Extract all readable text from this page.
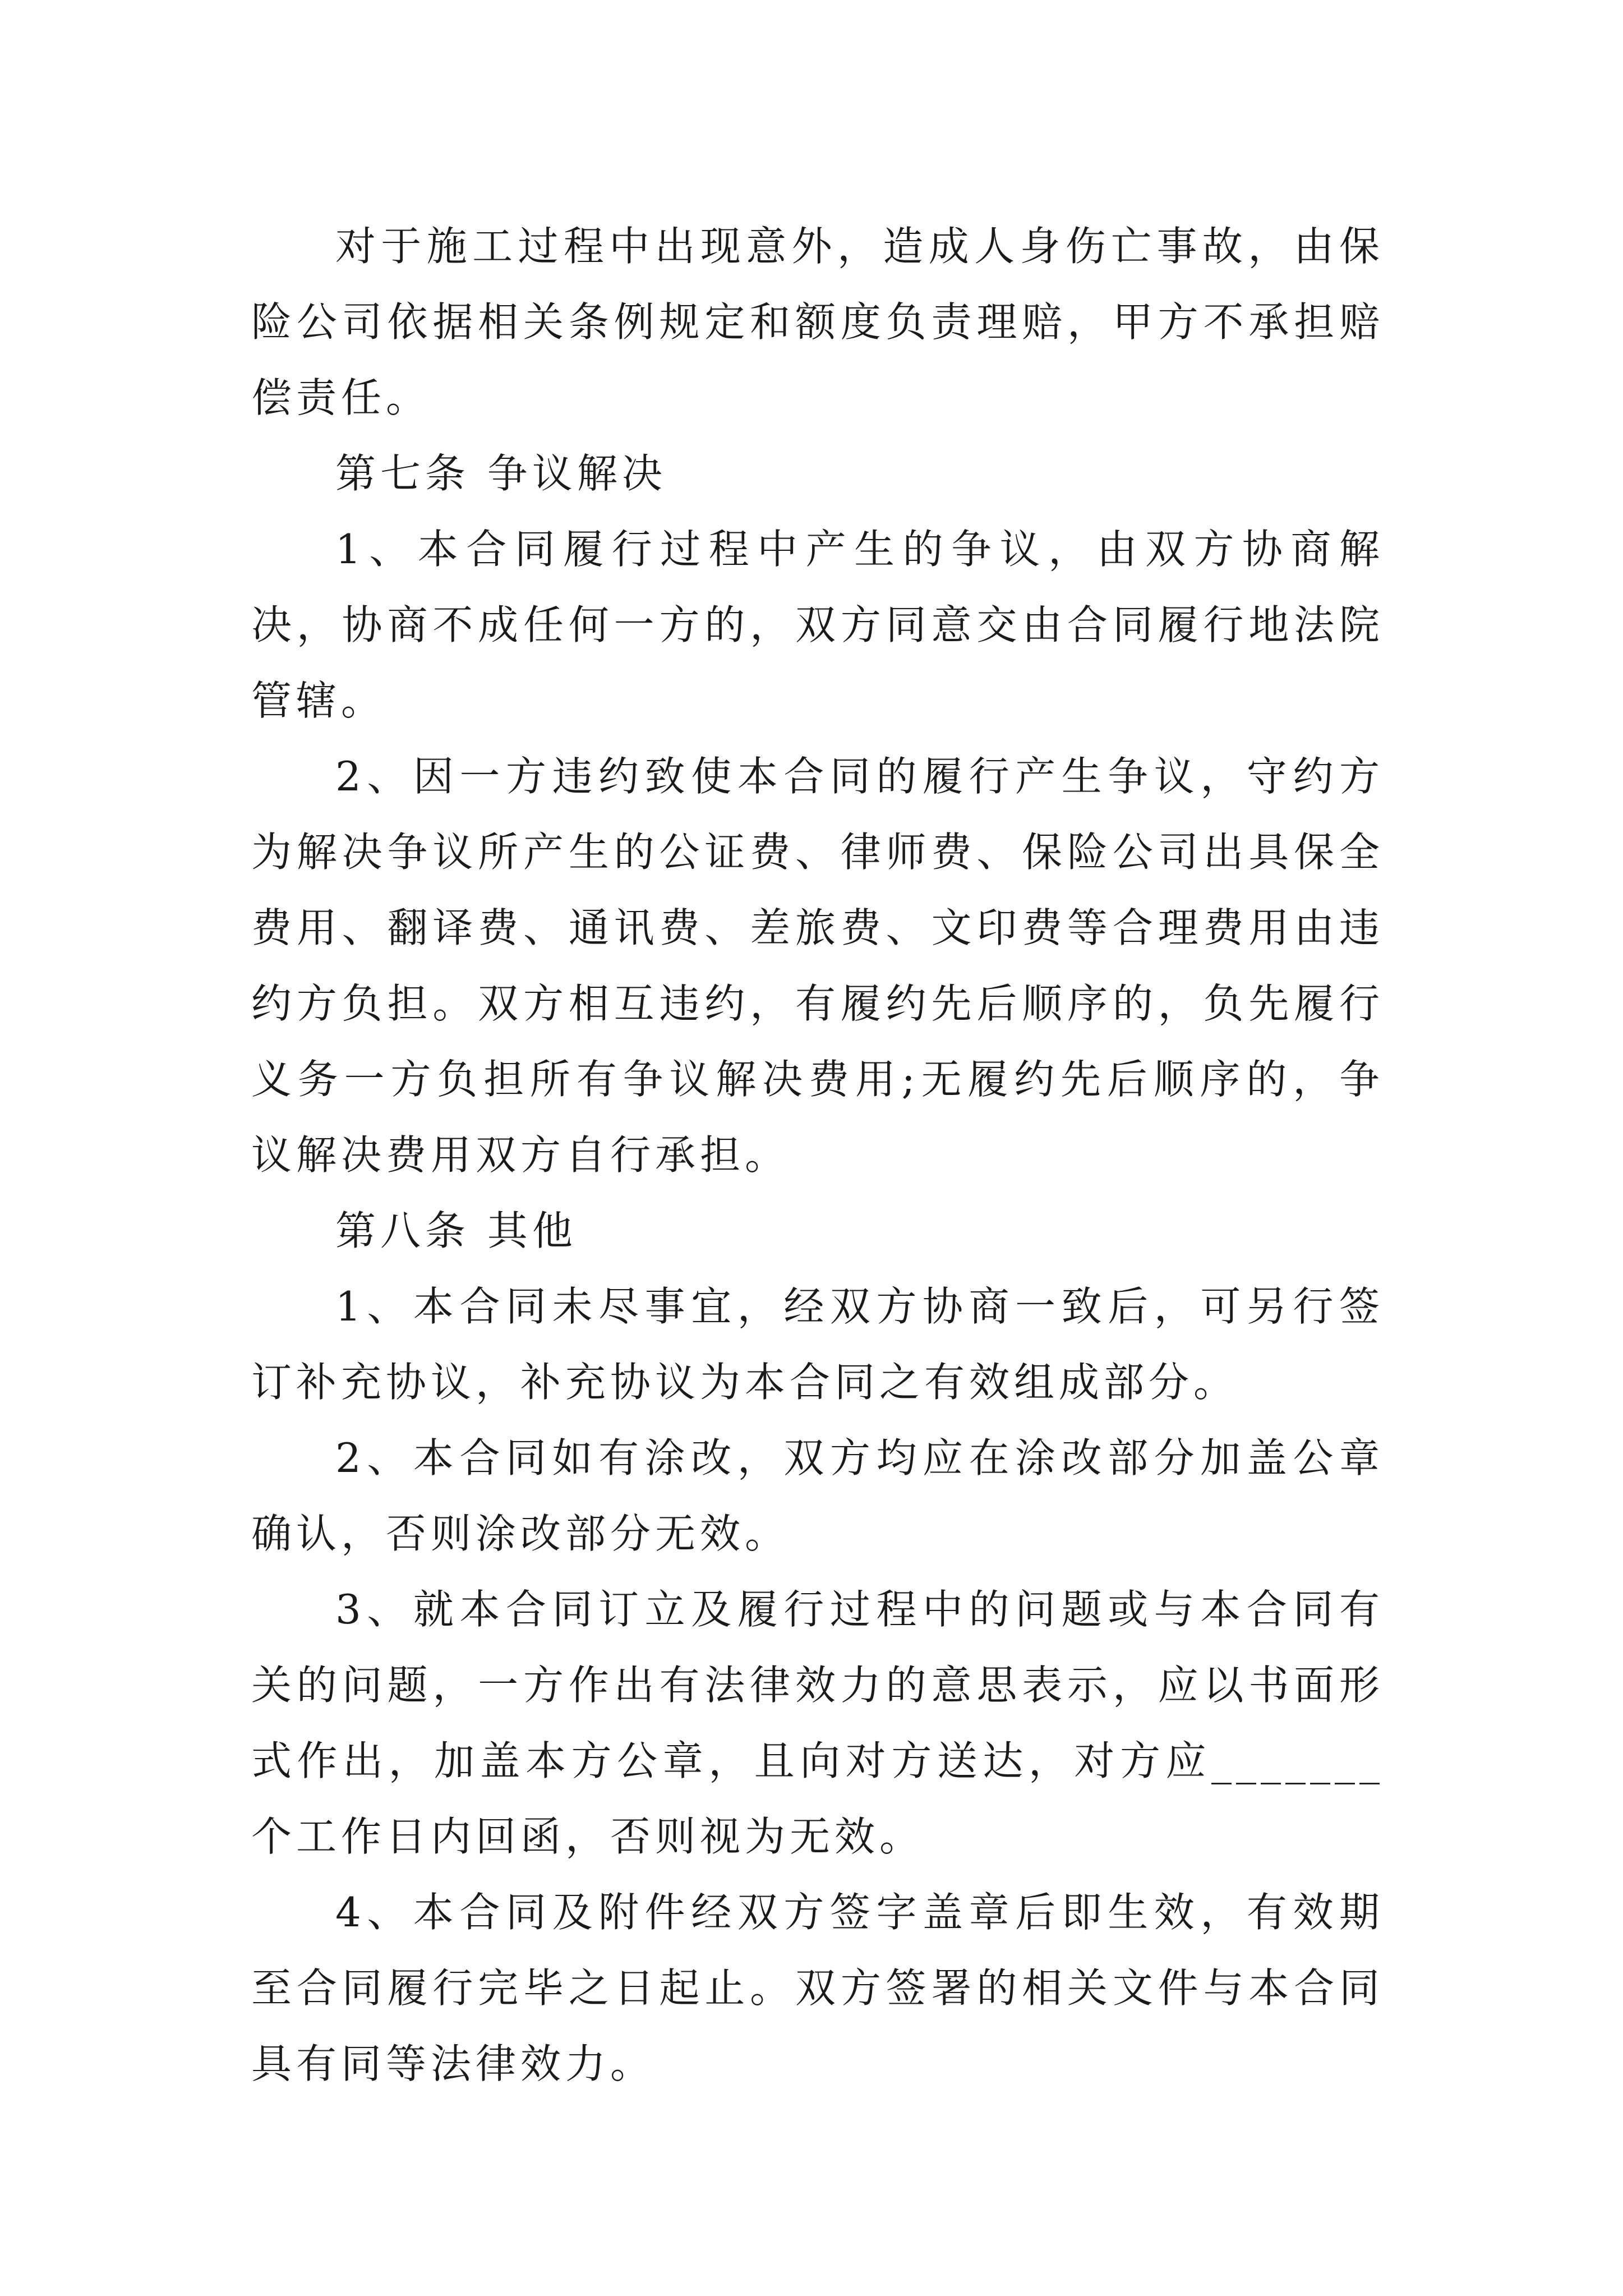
对于施工过程中出现意外，造成人身伤亡事故，由保险公司依据相关条例规定和额度负责理赔，甲方不承担赔偿责任。

第七条 争议解决

1、本合同履行过程中产生的争议，由双方协商解决，协商不成任何一方的，双方同意交由合同履行地法院管辖。

2、因一方违约致使本合同的履行产生争议，守约方为解决争议所产生的公证费、律师费、保险公司出具保全费用、翻译费、通讯费、差旅费、文印费等合理费用由违约方负担。双方相互违约，有履约先后顺序的，负先履行义务一方负担所有争议解决费用;无履约先后顺序的，争议解决费用双方自行承担。

第八条 其他

1、本合同未尽事宜，经双方协商一致后，可另行签订补充协议，补充协议为本合同之有效组成部分。

2、本合同如有涂改，双方均应在涂改部分加盖公章确认，否则涂改部分无效。

3、就本合同订立及履行过程中的问题或与本合同有关的问题，一方作出有法律效力的意思表示，应以书面形式作出，加盖本方公章，且向对方送达，对方应_______个工作日内回函，否则视为无效。

4、本合同及附件经双方签字盖章后即生效，有效期至合同履行完毕之日起止。双方签署的相关文件与本合同具有同等法律效力。
